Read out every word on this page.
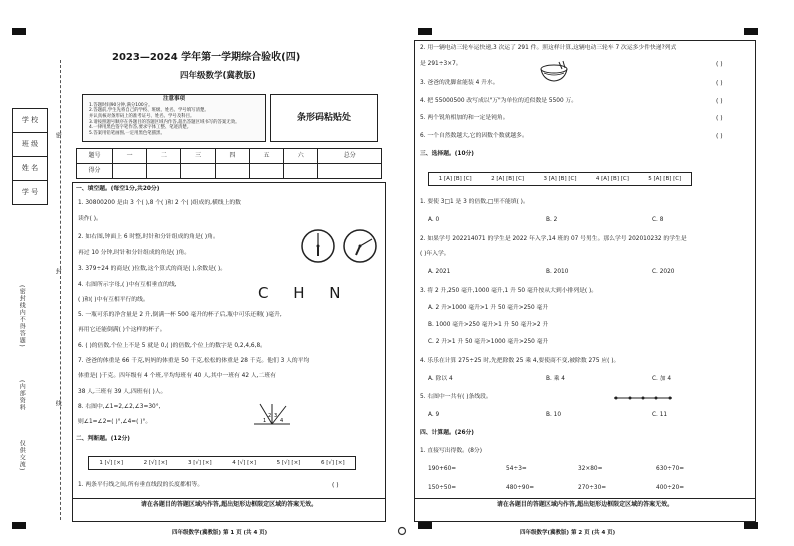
学 校
班 级
姓 名
学 号
密
封
线
(密封线内不得答题)
(内部资料
仅供交流)
2023—2024 学年第一学期综合验收(四)
四年级数学(冀教版)
注意事项
1.答题时间90分钟,满分100分。
2.答题前,学生先将自己的学校、班级、姓名、学号填写清楚。
并认真核对条形码上的准考证号、姓名、学号及科目。
3.请按照题号顺序在各题目的答题区域内作答,超出答题区域书写的答案无效。
4.一律用黑色签字笔作答,要求字体工整、笔迹清楚。
5.答案用铅笔画图,一定用黑色笔描黑。
条形码粘贴处
题号	一	二	三	四	五	六	总分
得分							
一、填空题。(每空1分,共20分)
1. 30800200 是由 3 个( ),8 个( )和 2 个( )组成的,横线上的数
读作( )。
2. 如右图,钟面上 6 时整,时针和分针组成的角是( )角。
再过 10 分钟,时针和分针组成的角是( )角。
3. 379÷24 的商是( )位数,这个算式的商是( ),余数是( )。
4. 右图所示字母,( )中有互相垂直的线,
( )和( )中有互相平行的线。
5. 一瓶可乐的净含量是 2 升,倒满一杯 500 毫升的杯子后,瓶中可乐还剩( )毫升,
再用它还能倒满( )个这样的杯子。
6. ( )的倍数,个位上不是 5 就是 0,( )的倍数,个位上的数字是 0,2,4,6,8。
7. 爸爸的体重是 66 千克,妈妈的体重是 50 千克,松松的体重是 28 千克。他们 3 人的平均
体重是( )千克。四年级有 4 个班,平均每班有 40 人,其中一班有 42 人,二班有
38 人,三班有 39 人,四班有( )人。
8. 右图中,∠1=2,∠2,∠3=30°,
则∠1=∠2=( )°,∠4=( )°。
C H N
1
2 3
4
二、判断题。(12分)
1 [√] [×]	2 [√] [×]	3 [√] [×]	4 [√] [×]	5 [√] [×]	6 [√] [×]
1. 两条平行线之间,所有垂直线段的长度都相等。	( )
请在各题目的答题区域内作答,超出矩形边框限定区域的答案无效。
四年级数学(冀教版) 第 1 页 (共 4 页)
2. 用一辆电动三轮车运快递,3 次运了 291 件。照这样计算,这辆电动三轮车 7 次运多少件快递?列式
是 291÷3×7。	( )
3. 爸爸的洗脚盆能装 4 升水。	( )
4. 把 55000500 改写成以"万"为单位的近似数是 5500 万。	( )
5. 两个锐角相加的和一定是钝角。	( )
6. 一个自然数越大,它的因数个数就越多。	( )
三、选择题。(10分)
1 [A] [B] [C]	2 [A] [B] [C]	3 [A] [B] [C]	4 [A] [B] [C]	5 [A] [B] [C]
1. 要使 3□1 是 3 的倍数,□里不能填( )。
A. 0	B. 2	C. 8
2. 如果学号 202214071 的学生是 2022 年入学,14 班的 07 号男生。那么学号 202010232 的学生是
( )年入学。
A. 2021	B. 2010	C. 2020
3. 将 2 升,250 毫升,1000 毫升,1 升 50 毫升按从大到小排列是( )。
A. 2 升>1000 毫升>1 升 50 毫升>250 毫升
B. 1000 毫升>250 毫升>1 升 50 毫升>2 升
C. 2 升>1 升 50 毫升>1000 毫升>250 毫升
4. 乐乐在计算 275÷25 时,先把除数 25 乘 4,要使商不变,被除数 275 应( )。
A. 除以 4	B. 乘 4	C. 加 4
5. 右图中一共有( )条线段。
A. 9	B. 10	C. 11
四、计算题。(26分)
1. 直接写出得数。(8分)
190+60=	54÷3=	32×80=	630÷70=
150÷50=	480÷90=	270÷30=	400÷20=
请在各题目的答题区域内作答,超出矩形边框限定区域的答案无效。
四年级数学(冀教版) 第 2 页 (共 4 页)
